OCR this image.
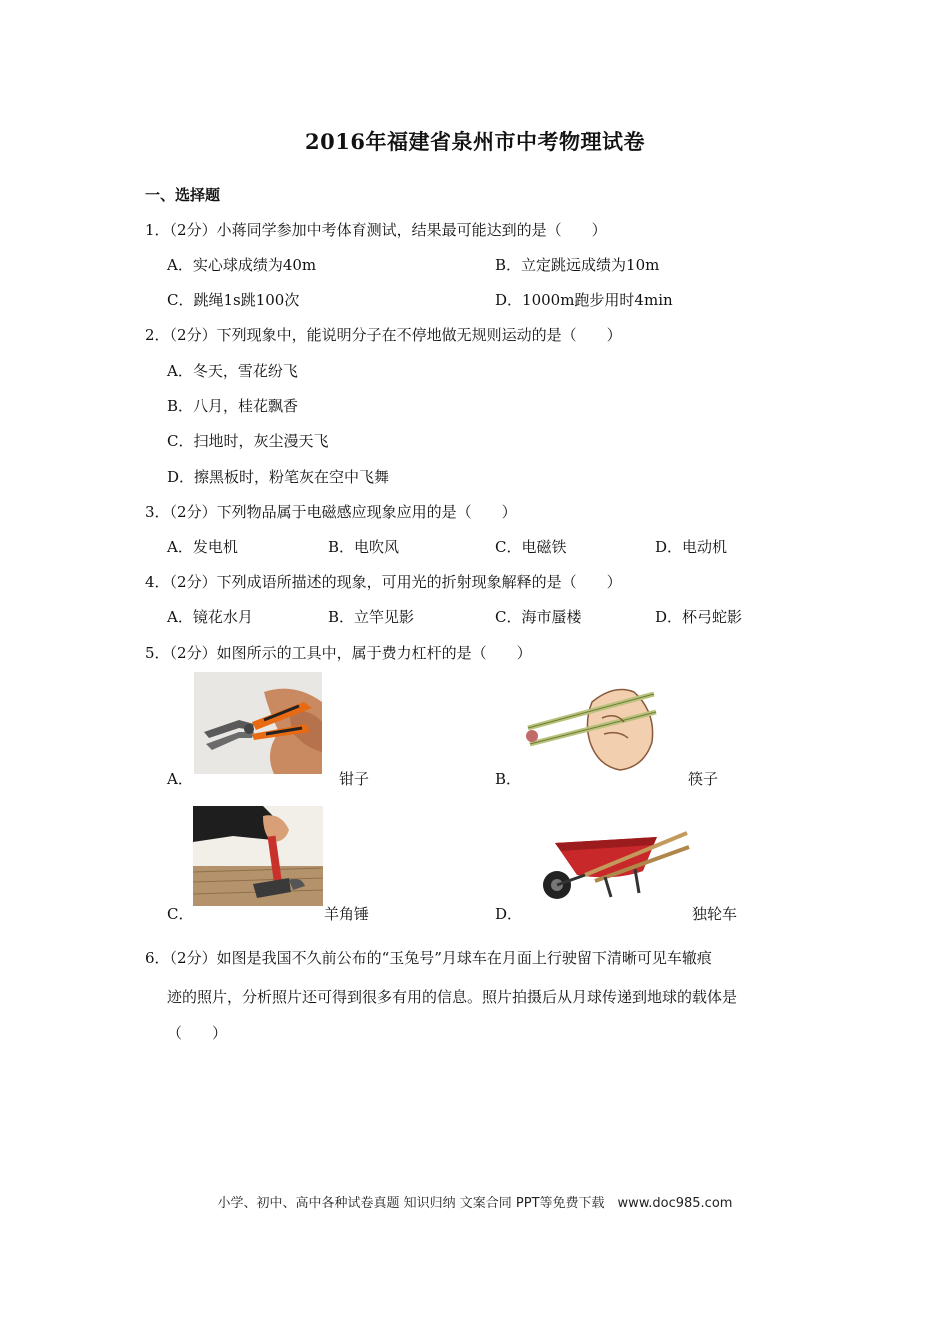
2016年福建省泉州市中考物理试卷
一、选择题
1．（2分）小蒋同学参加中考体育测试，结果最可能达到的是（　　）
A．实心球成绩为40m	B．立定跳远成绩为10m
C．跳绳1s跳100次	D．1000m跑步用时4min
2．（2分）下列现象中，能说明分子在不停地做无规则运动的是（　　）
A．冬天，雪花纷飞
B．八月，桂花飘香
C．扫地时，灰尘漫天飞
D．擦黑板时，粉笔灰在空中飞舞
3．（2分）下列物品属于电磁感应现象应用的是（　　）
A．发电机	B．电吹风	C．电磁铁	D．电动机
4．（2分）下列成语所描述的现象，可用光的折射现象解释的是（　　）
A．镜花水月	B．立竿见影	C．海市蜃楼	D．杯弓蛇影
5．（2分）如图所示的工具中，属于费力杠杆的是（　　）
A．	钳子	B．	筷子
C．	羊角锤	D．	独轮车
6．（2分）如图是我国不久前公布的“玉兔号”月球车在月面上行驶留下清晰可见车辙痕
迹的照片，分析照片还可得到很多有用的信息。照片拍摄后从月球传递到地球的载体是
（　　）
小学、初中、高中各种试卷真题 知识归纳 文案合同 PPT等免费下载　www.doc985.com
